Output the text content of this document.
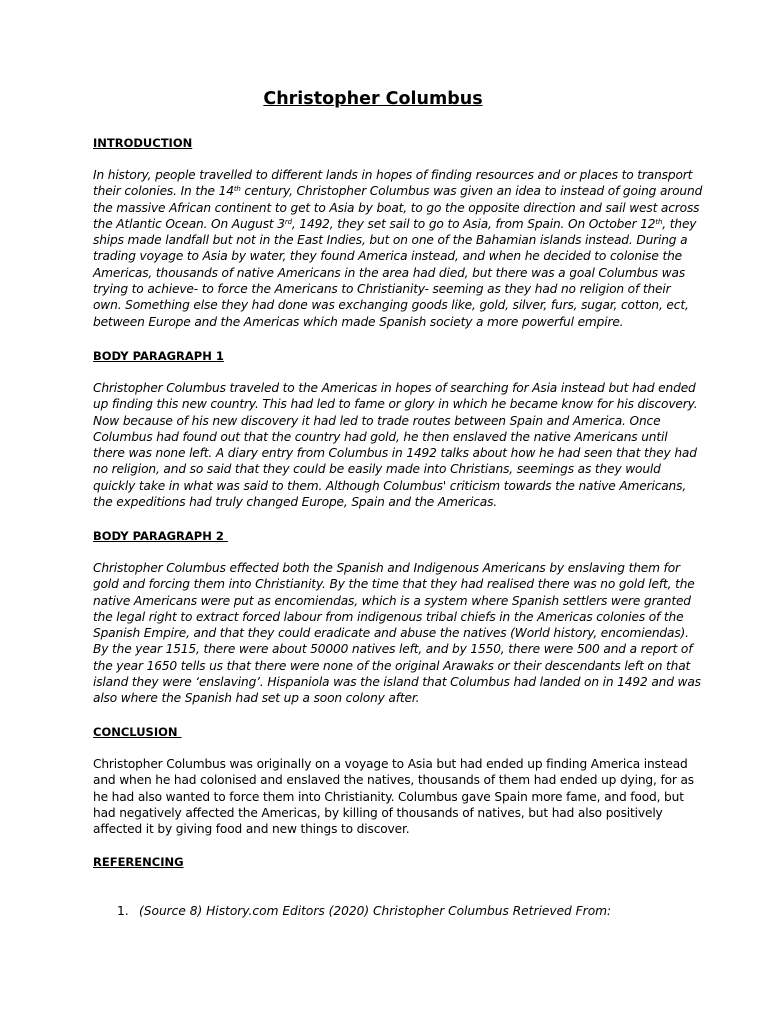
Christopher Columbus
INTRODUCTION
In history, people travelled to different lands in hopes of finding resources and or places to transport
their colonies. In the 14th century, Christopher Columbus was given an idea to instead of going around
the massive African continent to get to Asia by boat, to go the opposite direction and sail west across
the Atlantic Ocean. On August 3rd, 1492, they set sail to go to Asia, from Spain. On October 12th, they
ships made landfall but not in the East Indies, but on one of the Bahamian islands instead. During a
trading voyage to Asia by water, they found America instead, and when he decided to colonise the
Americas, thousands of native Americans in the area had died, but there was a goal Columbus was
trying to achieve- to force the Americans to Christianity- seeming as they had no religion of their
own. Something else they had done was exchanging goods like, gold, silver, furs, sugar, cotton, ect,
between Europe and the Americas which made Spanish society a more powerful empire.
BODY PARAGRAPH 1
Christopher Columbus traveled to the Americas in hopes of searching for Asia instead but had ended
up finding this new country. This had led to fame or glory in which he became know for his discovery.
Now because of his new discovery it had led to trade routes between Spain and America. Once
Columbus had found out that the country had gold, he then enslaved the native Americans until
there was none left. A diary entry from Columbus in 1492 talks about how he had seen that they had
no religion, and so said that they could be easily made into Christians, seemings as they would
quickly take in what was said to them. Although Columbus' criticism towards the native Americans,
the expeditions had truly changed Europe, Spain and the Americas.
BODY PARAGRAPH 2
Christopher Columbus effected both the Spanish and Indigenous Americans by enslaving them for
gold and forcing them into Christianity. By the time that they had realised there was no gold left, the
native Americans were put as encomiendas, which is a system where Spanish settlers were granted
the legal right to extract forced labour from indigenous tribal chiefs in the Americas colonies of the
Spanish Empire, and that they could eradicate and abuse the natives (World history, encomiendas).
By the year 1515, there were about 50000 natives left, and by 1550, there were 500 and a report of
the year 1650 tells us that there were none of the original Arawaks or their descendants left on that
island they were ‘enslaving’. Hispaniola was the island that Columbus had landed on in 1492 and was
also where the Spanish had set up a soon colony after.
CONCLUSION
Christopher Columbus was originally on a voyage to Asia but had ended up finding America instead
and when he had colonised and enslaved the natives, thousands of them had ended up dying, for as
he had also wanted to force them into Christianity. Columbus gave Spain more fame, and food, but
had negatively affected the Americas, by killing of thousands of natives, but had also positively
affected it by giving food and new things to discover.
REFERENCING
1. (Source 8) History.com Editors (2020) Christopher Columbus Retrieved From:
